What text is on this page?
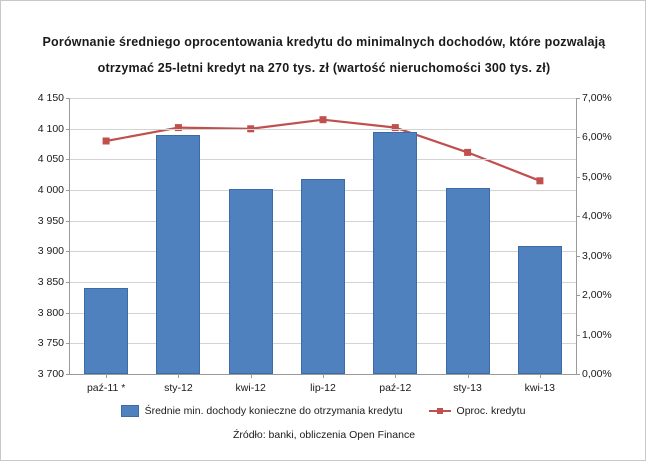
Porównanie średniego oprocentowania kredytu do minimalnych dochodów, które pozwalają
otrzymać 25-letni kredyt na 270 tys. zł (wartość nieruchomości 300 tys. zł)
4 150
4 100
4 050
4 000
3 950
3 900
3 850
3 800
3 750
3 700
7,00%
6,00%
5,00%
4,00%
3,00%
2,00%
1,00%
0,00%
paź-11 *	sty-12	kwi-12	lip-12	paź-12	sty-13	kwi-13
Średnie min. dochody konieczne do otrzymania kredytu	Oproc. kredytu
Źródło: banki, obliczenia Open Finance
